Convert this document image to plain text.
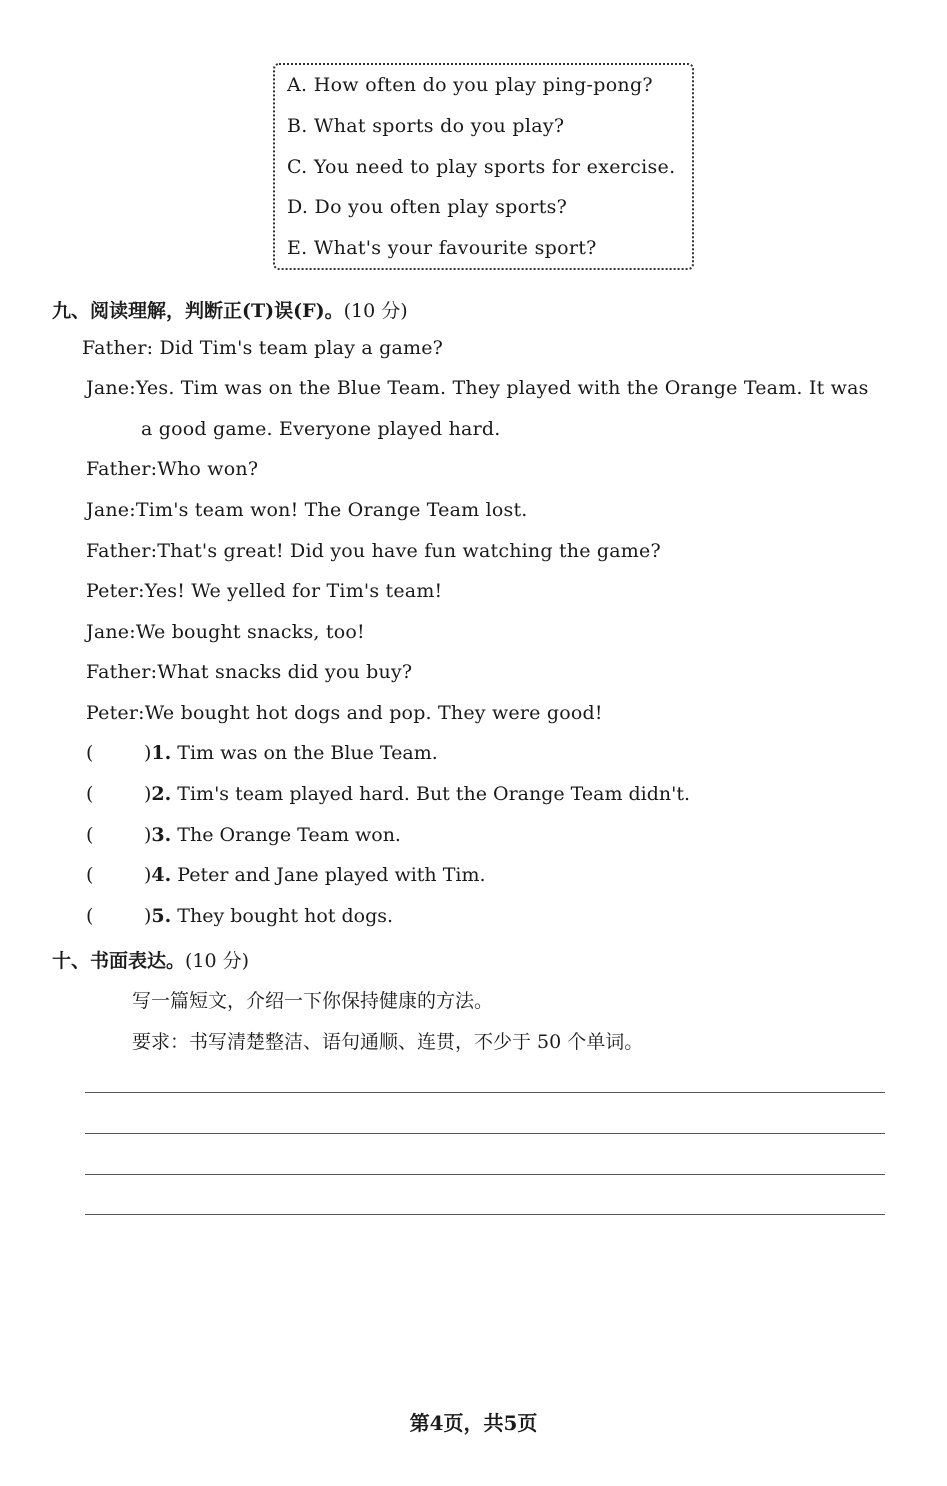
A. How often do you play ping-pong?
B. What sports do you play?
C. You need to play sports for exercise.
D. Do you often play sports?
E. What's your favourite sport?
九、阅读理解，判断正(T)误(F)。(10 分)
Father: Did Tim's team play a game?
Jane:Yes. Tim was on the Blue Team. They played with the Orange Team. It was
a good game. Everyone played hard.
Father:Who won?
Jane:Tim's team won! The Orange Team lost.
Father:That's great! Did you have fun watching the game?
Peter:Yes! We yelled for Tim's team!
Jane:We bought snacks, too!
Father:What snacks did you buy?
Peter:We bought hot dogs and pop. They were good!
(	)1. Tim was on the Blue Team.
(	)2. Tim's team played hard. But the Orange Team didn't.
(	)3. The Orange Team won.
(	)4. Peter and Jane played with Tim.
(	)5. They bought hot dogs.
十、书面表达。(10 分)
写一篇短文，介绍一下你保持健康的方法。
要求：书写清楚整洁、语句通顺、连贯，不少于 50 个单词。
第4页，共5页
